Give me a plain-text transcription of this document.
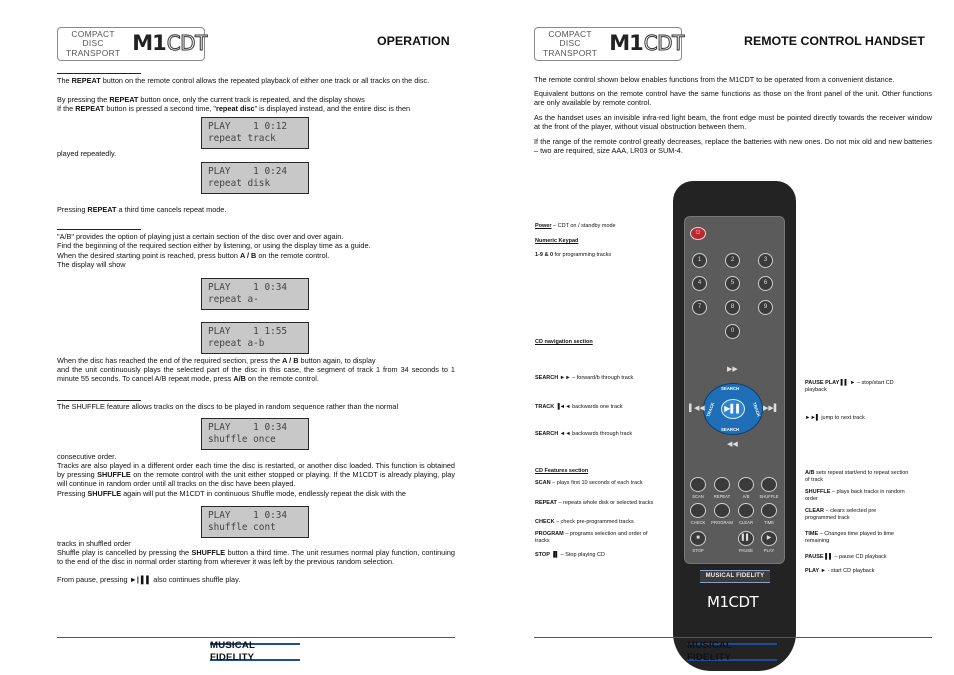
COMPACT DISC
TRANSPORT M1 CDT	OPERATION
The REPEAT button on the remote control allows the repeated playback of either one track or all tracks on the disc.
By pressing the REPEAT button once, only the current track is repeated, and the display shows
If the REPEAT button is pressed a second time, "repeat disc" is displayed instead, and the entire disc is then
PLAY    1 0:12
repeat track
played repeatedly.
PLAY    1 0:24
repeat disk
Pressing REPEAT a third time cancels repeat mode.
"A/B" provides the option of playing just a certain section of the disc over and over again.
Find the beginning of the required section either by listening, or using the display time as a guide.
When the desired starting point is reached, press button A / B on the remote control.
The display will show
PLAY    1 0:34
repeat a-
PLAY    1 1:55
repeat a-b
When the disc has reached the end of the required section, press the A / B button again, to display
and the unit continuously plays the selected part of the disc in this case, the segment of track 1 from 34 seconds to 1 minute 55 seconds. To cancel A/B repeat mode, press A/B on the remote control.
The SHUFFLE feature allows tracks on the discs to be played in random sequence rather than the normal
PLAY    1 0:34
shuffle once
consecutive order.
Tracks are also played in a different order each time the disc is restarted, or another disc loaded. This function is obtained by pressing SHUFFLE on the remote control with the unit either stopped or playing. If the M1CDT is already playing, play will continue in random order until all tracks on the disc have been played.
Pressing SHUFFLE again will put the M1CDT in continuous Shuffle mode, endlessly repeat the disk with the
PLAY    1 0:34
shuffle cont
tracks in shuffled order
Shuffle play is cancelled by pressing the SHUFFLE button a third time. The unit resumes normal play function, continuing to the end of the disc in normal order starting from wherever it was left by the previous random selection.
From pause, pressing ►| ▌▌ also continues shuffle play.
MUSICAL FIDELITY
COMPACT DISC
TRANSPORT M1 CDT	REMOTE CONTROL HANDSET
The remote control shown below enables functions from the M1CDT to be operated from a convenient distance.
Equivalent buttons on the remote control have the same functions as those on the front panel of the unit. Other functions are only available by remote control.
As the handset uses an invisible infra-red light beam, the front edge must be pointed directly towards the receiver window at the front of the player, without visual obstruction between them.
If the range of the remote control greatly decreases, replace the batteries with new ones. Do not mix old and new batteries – two are required, size AAA, LR03 or SUM-4.
Power – CDT on / standby mode
Numeric Keypad
1-9 & 0 for programming tracks
CD navigation section
SEARCH ►► – forward/b through track
TRACK ▐◄◄ backwards one track
SEARCH ◄◄ backwards through track
CD Features section
SCAN – plays first 10 seconds of each track
REPEAT – repeats whole disk or selected tracks
CHECK – check pre-programmed tracks
PROGRAM – programs selection and order of tracks
STOP ▐▌ – Stop playing CD
PAUSE PLAY ▌▌ ► – stop/start CD playback
►►▌ jump to next track
A/B sets repeat start/end to repeat section of track
SHUFFLE – plays back tracks in random order
CLEAR – clears selected pre programmed track
TIME – Changes time played to time remaining
PAUSE ▌▌ – pause CD playback
PLAY ► - start CD playback
⏻
1	2	3
4	5	6
7	8	9
0
▶▶
SEARCH
SEARCH
TRACK	TRACK
▶▌▌
▌◀◀	▶▶▌
◀◀
SCAN	REPEAT	A/B	SHUFFLE
CHECK	PROGRAM	CLEAR	TIME
■	▌▌	▶
STOP	PAUSE	PLAY
MUSICAL FIDELITY
M1CDT
MUSICAL FIDELITY
